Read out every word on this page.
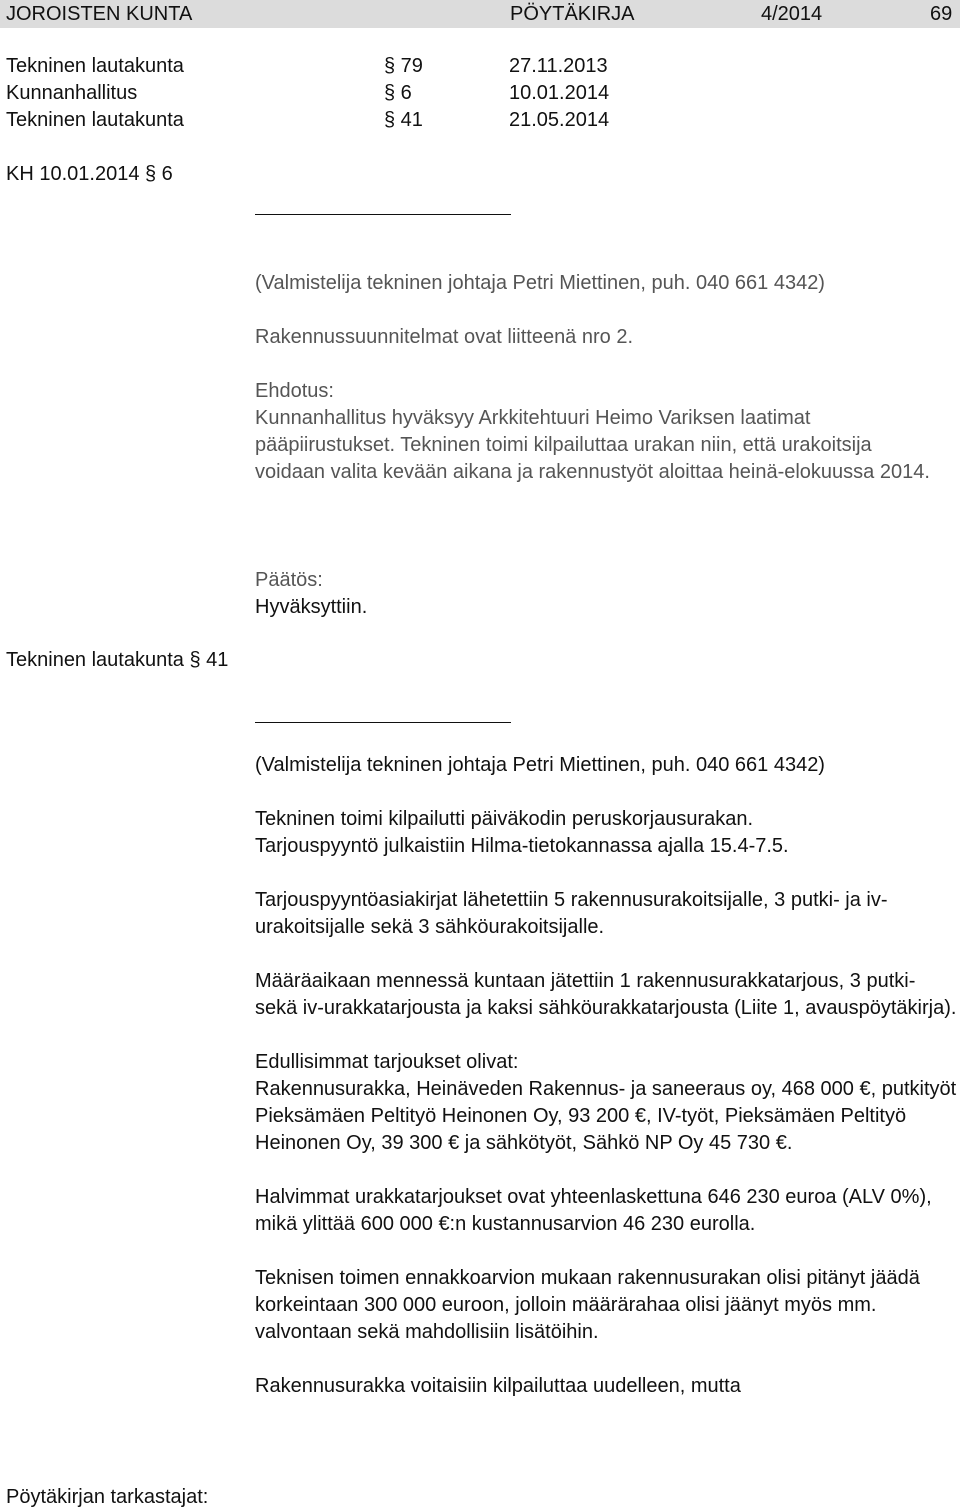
JOROISTEN KUNTA	PÖYTÄKIRJA	4/2014	69
Tekninen lautakunta	§ 79	27.11.2013
Kunnanhallitus	§ 6	10.01.2014
Tekninen lautakunta	§ 41	21.05.2014
KH 10.01.2014 § 6

(Valmistelija tekninen johtaja Petri Miettinen, puh. 040 661 4342)

Rakennussuunnitelmat ovat liitteenä nro 2.

Ehdotus:

Kunnanhallitus hyväksyy Arkkitehtuuri Heimo Variksen laatimat pääpiirustukset. Tekninen toimi kilpailuttaa urakan niin, että urakoitsija voidaan valita kevään aikana ja rakennustyöt aloittaa heinä-elokuussa 2014.

Päätös:

Hyväksyttiin.

Tekninen lautakunta § 41

(Valmistelija tekninen johtaja Petri Miettinen, puh. 040 661 4342)

Tekninen toimi kilpailutti päiväkodin peruskorjausurakan. Tarjouspyyntö julkaistiin Hilma-tietokannassa ajalla 15.4-7.5.

Tarjouspyyntöasiakirjat lähetettiin 5 rakennusurakoitsijalle, 3 putki- ja iv-urakoitsijalle sekä 3 sähköurakoitsijalle.

Määräaikaan mennessä kuntaan jätettiin 1 rakennusurakkatarjous, 3 putki- sekä iv-urakkatarjousta ja kaksi sähköurakkatarjousta (Liite 1, avauspöytäkirja).

Edullisimmat tarjoukset olivat:

Rakennusurakka, Heinäveden Rakennus- ja saneeraus oy, 468 000 €, putkityöt Pieksämäen Peltityö Heinonen Oy, 93 200 €, IV-työt, Pieksämäen Peltityö Heinonen Oy, 39 300 € ja sähkötyöt, Sähkö NP Oy 45 730 €.

Halvimmat urakkatarjoukset ovat yhteenlaskettuna 646 230 euroa (ALV 0%), mikä ylittää 600 000 €:n kustannusarvion 46 230 eurolla.

Teknisen toimen ennakkoarvion mukaan rakennusurakan olisi pitänyt jäädä korkeintaan 300 000 euroon, jolloin määrärahaa olisi jäänyt myös mm. valvontaan sekä mahdollisiin lisätöihin.

Rakennusurakka voitaisiin kilpailuttaa uudelleen, mutta

Pöytäkirjan tarkastajat:
